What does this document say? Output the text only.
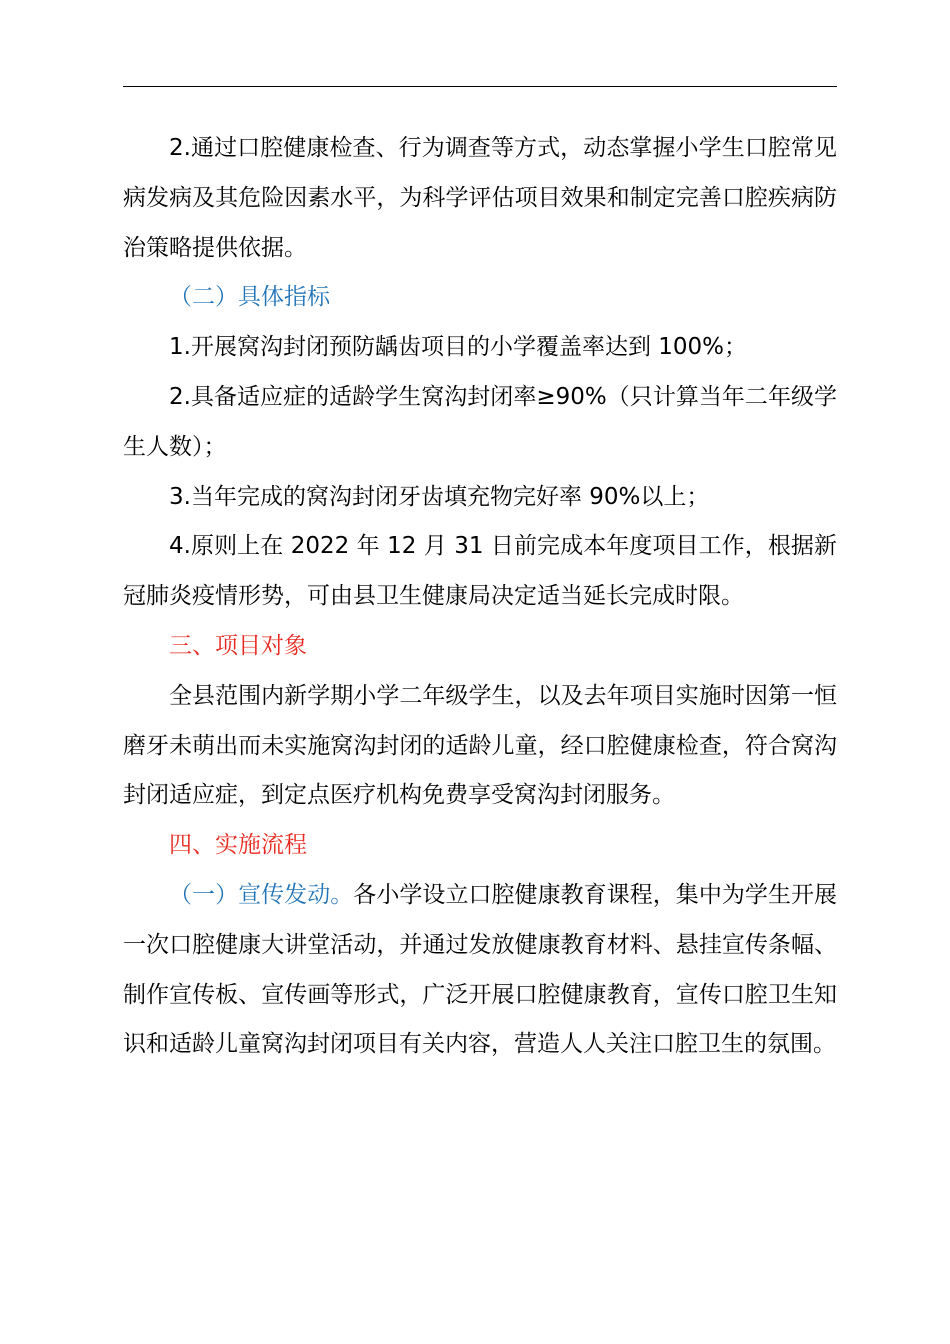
2.通过口腔健康检查、行为调查等方式，动态掌握小学生口腔常见病发病及其危险因素水平，为科学评估项目效果和制定完善口腔疾病防治策略提供依据。

（二）具体指标

1.开展窝沟封闭预防龋齿项目的小学覆盖率达到 100%；

2.具备适应症的适龄学生窝沟封闭率≥90%（只计算当年二年级学生人数）；

3.当年完成的窝沟封闭牙齿填充物完好率 90%以上；

4.原则上在 2022 年 12 月 31 日前完成本年度项目工作，根据新冠肺炎疫情形势，可由县卫生健康局决定适当延长完成时限。

三、项目对象

全县范围内新学期小学二年级学生，以及去年项目实施时因第一恒磨牙未萌出而未实施窝沟封闭的适龄儿童，经口腔健康检查，符合窝沟封闭适应症，到定点医疗机构免费享受窝沟封闭服务。

四、实施流程

（一）宣传发动。各小学设立口腔健康教育课程，集中为学生开展一次口腔健康大讲堂活动，并通过发放健康教育材料、悬挂宣传条幅、制作宣传板、宣传画等形式，广泛开展口腔健康教育，宣传口腔卫生知识和适龄儿童窝沟封闭项目有关内容，营造人人关注口腔卫生的氛围。
